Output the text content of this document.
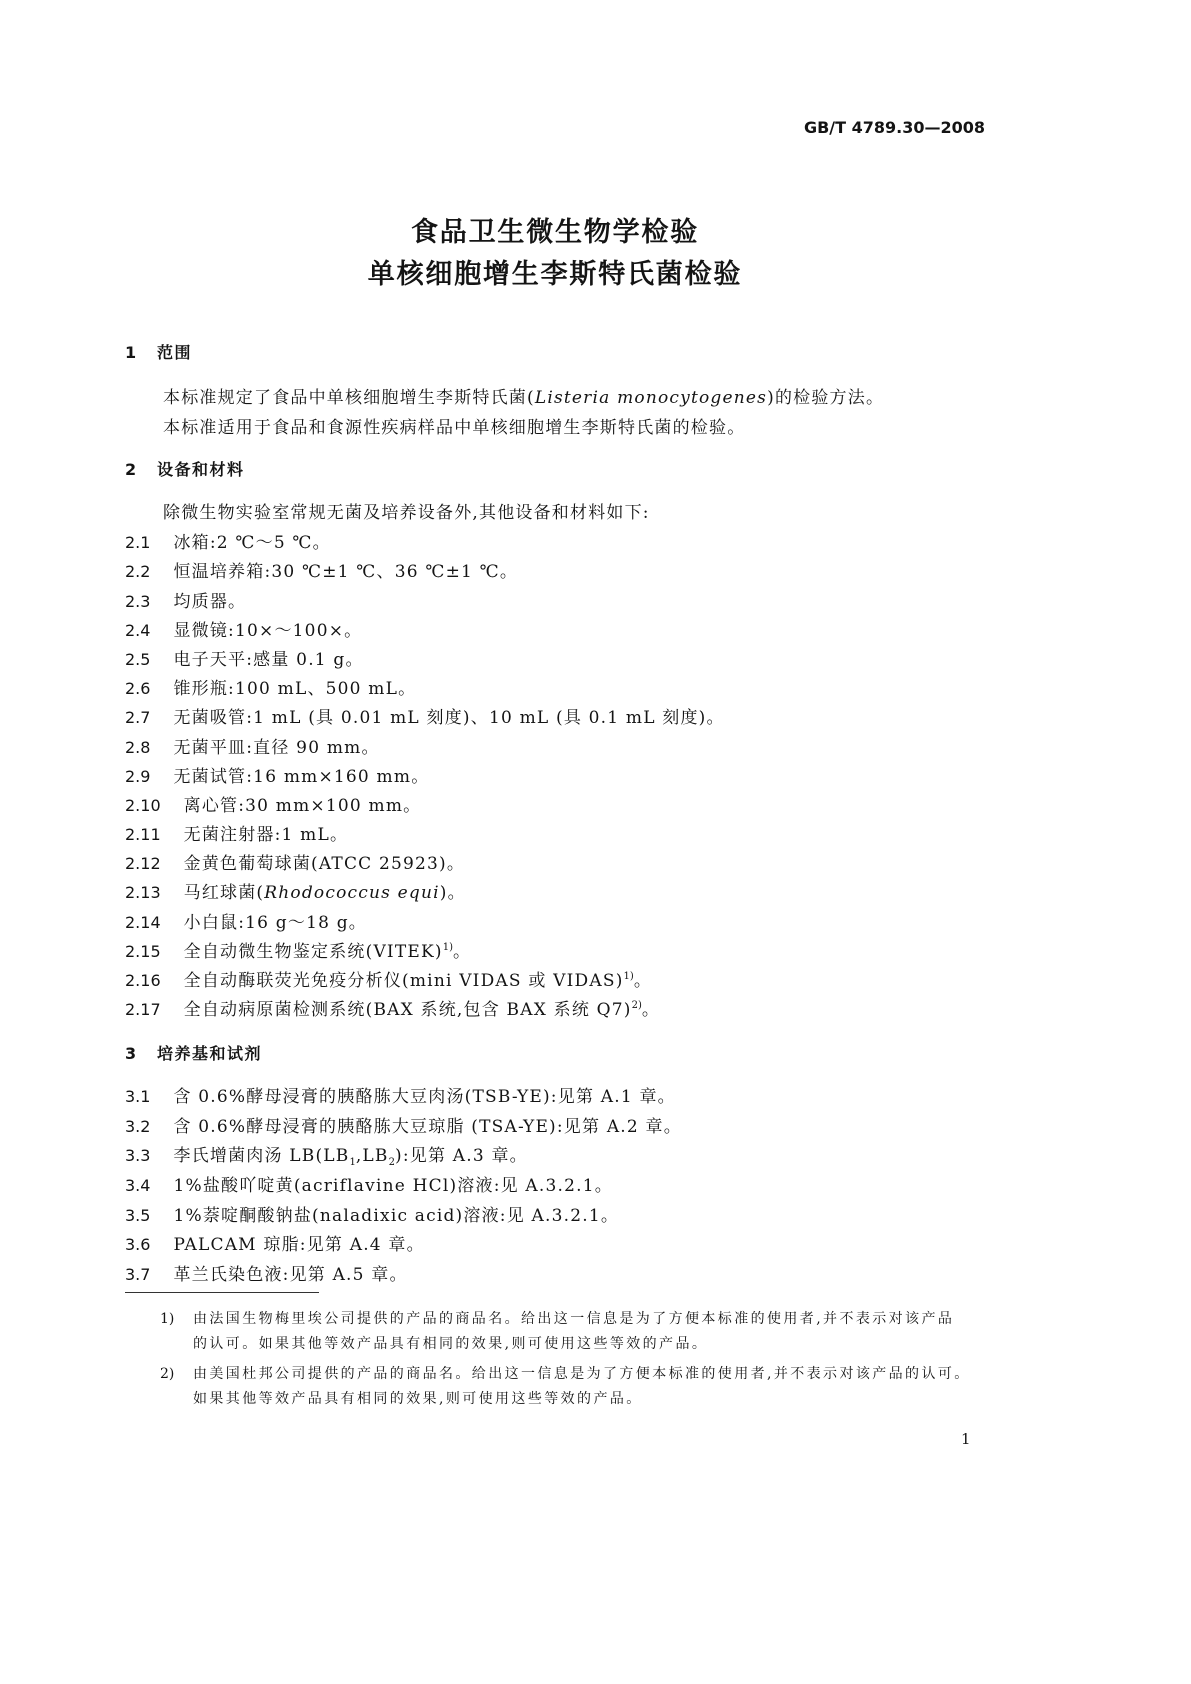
GB/T 4789.30—2008
食品卫生微生物学检验
单核细胞增生李斯特氏菌检验
1 范围
本标准规定了食品中单核细胞增生李斯特氏菌(Listeria monocytogenes)的检验方法。
本标准适用于食品和食源性疾病样品中单核细胞增生李斯特氏菌的检验。
2 设备和材料
除微生物实验室常规无菌及培养设备外,其他设备和材料如下:
2.1 冰箱:2 ℃～5 ℃。
2.2 恒温培养箱:30 ℃±1 ℃、36 ℃±1 ℃。
2.3 均质器。
2.4 显微镜:10×～100×。
2.5 电子天平:感量 0.1 g。
2.6 锥形瓶:100 mL、500 mL。
2.7 无菌吸管:1 mL (具 0.01 mL 刻度)、10 mL (具 0.1 mL 刻度)。
2.8 无菌平皿:直径 90 mm。
2.9 无菌试管:16 mm×160 mm。
2.10 离心管:30 mm×100 mm。
2.11 无菌注射器:1 mL。
2.12 金黄色葡萄球菌(ATCC 25923)。
2.13 马红球菌(Rhodococcus equi)。
2.14 小白鼠:16 g～18 g。
2.15 全自动微生物鉴定系统(VITEK)$^{1)}$。
2.16 全自动酶联荧光免疫分析仪(mini VIDAS 或 VIDAS)$^{1)}$。
2.17 全自动病原菌检测系统(BAX 系统,包含 BAX 系统 Q7)$^{2)}$。
3 培养基和试剂
3.1 含 0.6%酵母浸膏的胰酪胨大豆肉汤(TSB-YE):见第 A.1 章。
3.2 含 0.6%酵母浸膏的胰酪胨大豆琼脂 (TSA-YE):见第 A.2 章。
3.3 李氏增菌肉汤 $LB(LB_1,LB_2)$:见第 A.3 章。
3.4 1%盐酸吖啶黄(acriflavine HCl)溶液:见 A.3.2.1。
3.5 1%萘啶酮酸钠盐(naladixic acid)溶液:见 A.3.2.1。
3.6 PALCAM 琼脂:见第 A.4 章。
3.7 革兰氏染色液:见第 A.5 章。
1)	由法国生物梅里埃公司提供的产品的商品名。给出这一信息是为了方便本标准的使用者,并不表示对该产品
的认可。如果其他等效产品具有相同的效果,则可使用这些等效的产品。
2)	由美国杜邦公司提供的产品的商品名。给出这一信息是为了方便本标准的使用者,并不表示对该产品的认可。
如果其他等效产品具有相同的效果,则可使用这些等效的产品。
1
